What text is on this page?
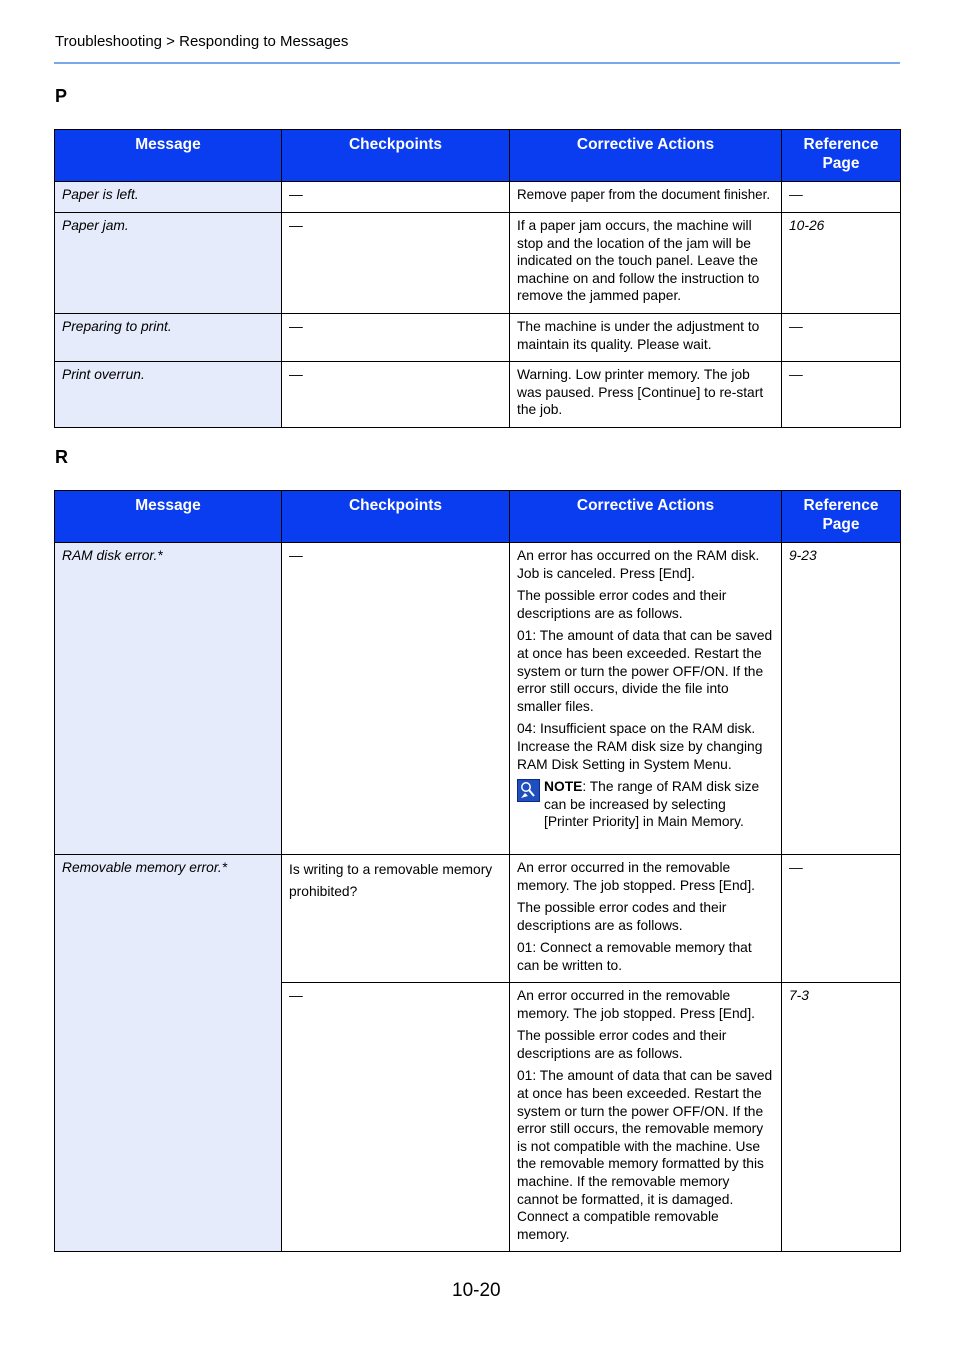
Troubleshooting > Responding to Messages
P
Message	Checkpoints	Corrective Actions	Reference Page
Paper is left.	—	Remove paper from the document finisher.	—
Paper jam.	—	If a paper jam occurs, the machine will stop and the location of the jam will be indicated on the touch panel. Leave the machine on and follow the instruction to remove the jammed paper.	10-26
Preparing to print.	—	The machine is under the adjustment to maintain its quality. Please wait.	—
Print overrun.	—	Warning. Low printer memory. The job was paused. Press [Continue] to re-start the job.	—
R
Message	Checkpoints	Corrective Actions	Reference Page
RAM disk error.*	—	An error has occurred on the RAM disk. Job is canceled. Press [End].
The possible error codes and their descriptions are as follows.
01: The amount of data that can be saved at once has been exceeded. Restart the system or turn the power OFF/ON. If the error still occurs, divide the file into smaller files.
04: Insufficient space on the RAM disk. Increase the RAM disk size by changing RAM Disk Setting in System Menu.
NOTE: The range of RAM disk size can be increased by selecting [Printer Priority] in Main Memory.	9-23
Removable memory error.*	Is writing to a removable memory prohibited?	An error occurred in the removable memory. The job stopped. Press [End].
The possible error codes and their descriptions are as follows.
01: Connect a removable memory that can be written to.	—
	—	An error occurred in the removable memory. The job stopped. Press [End].
The possible error codes and their descriptions are as follows.
01: The amount of data that can be saved at once has been exceeded. Restart the system or turn the power OFF/ON. If the error still occurs, the removable memory is not compatible with the machine. Use the removable memory formatted by this machine. If the removable memory cannot be formatted, it is damaged. Connect a compatible removable memory.	7-3
10-20
